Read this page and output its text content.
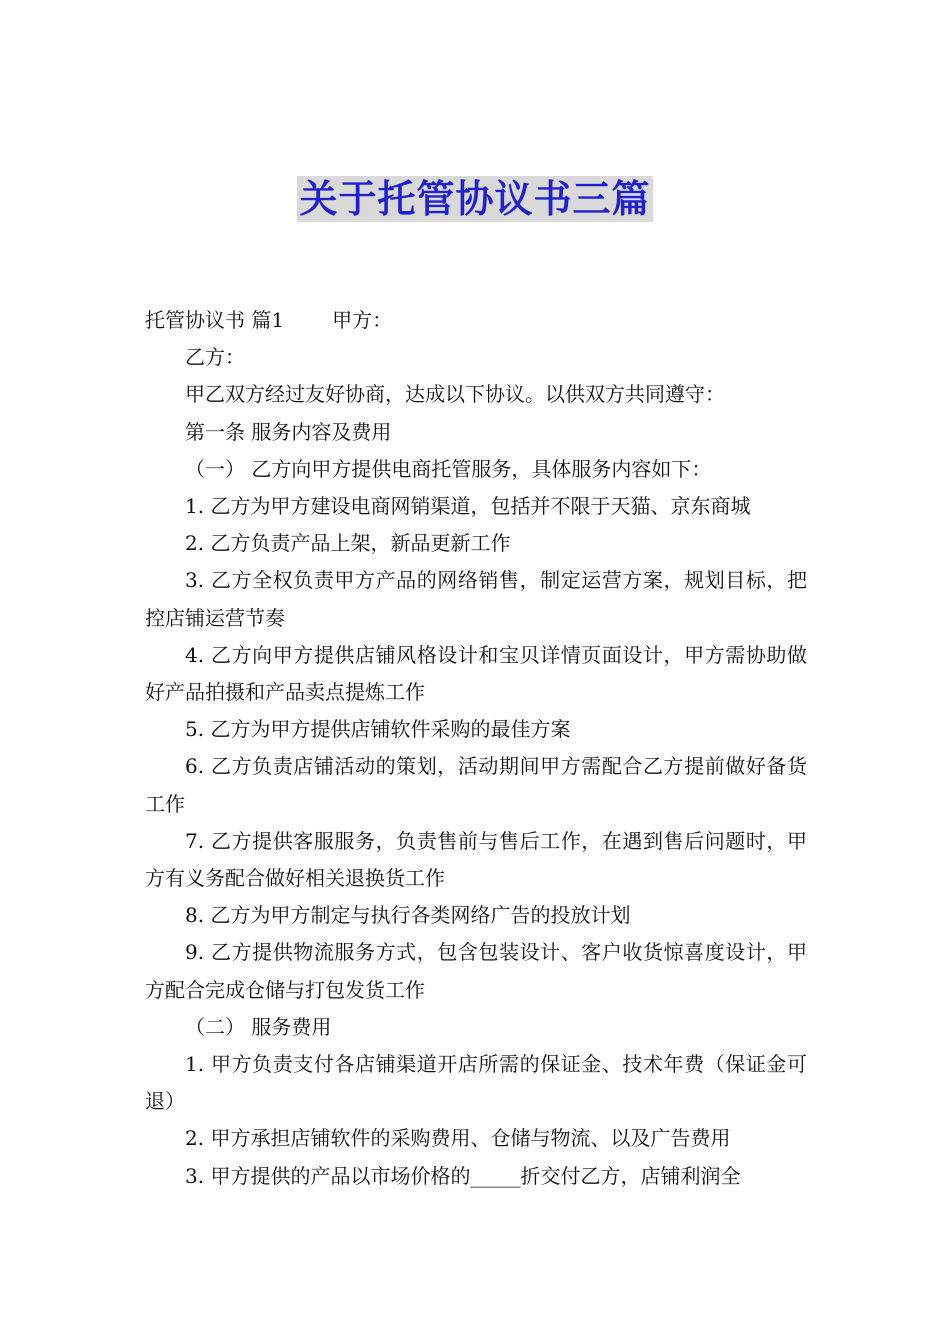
关于托管协议书三篇

托管协议书 篇1 甲方：

乙方：

甲乙双方经过友好协商，达成以下协议。以供双方共同遵守：

第一条 服务内容及费用

（一） 乙方向甲方提供电商托管服务，具体服务内容如下：

1. 乙方为甲方建设电商网销渠道，包括并不限于天猫、京东商城

2. 乙方负责产品上架，新品更新工作

3. 乙方全权负责甲方产品的网络销售，制定运营方案，规划目标，把控店铺运营节奏

4. 乙方向甲方提供店铺风格设计和宝贝详情页面设计，甲方需协助做好产品拍摄和产品卖点提炼工作

5. 乙方为甲方提供店铺软件采购的最佳方案

6. 乙方负责店铺活动的策划，活动期间甲方需配合乙方提前做好备货工作

7. 乙方提供客服服务，负责售前与售后工作，在遇到售后问题时，甲方有义务配合做好相关退换货工作

8. 乙方为甲方制定与执行各类网络广告的投放计划

9. 乙方提供物流服务方式，包含包装设计、客户收货惊喜度设计，甲方配合完成仓储与打包发货工作

（二） 服务费用

1. 甲方负责支付各店铺渠道开店所需的保证金、技术年费（保证金可退）

2. 甲方承担店铺软件的采购费用、仓储与物流、以及广告费用

3. 甲方提供的产品以市场价格的_____折交付乙方，店铺利润全
